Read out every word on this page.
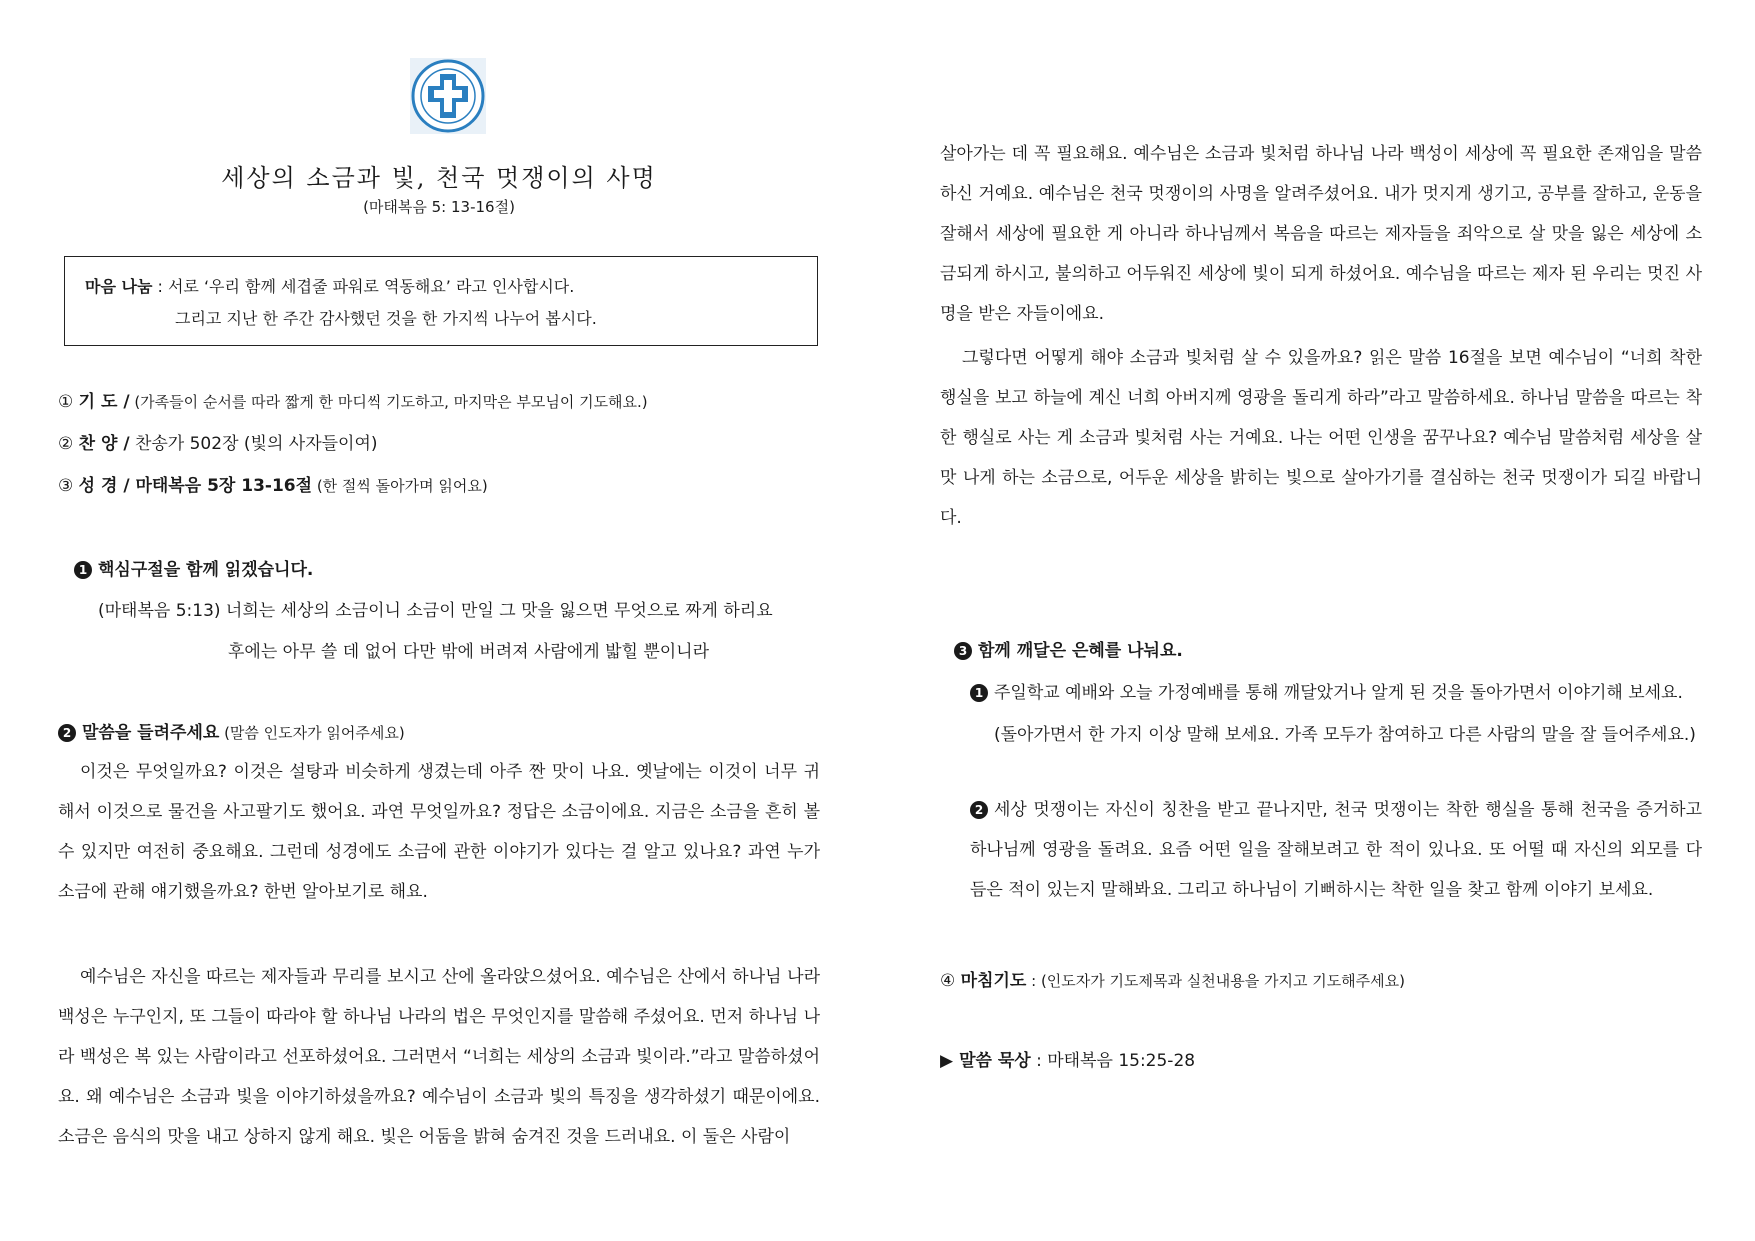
세상의 소금과 빛, 천국 멋쟁이의 사명
(마태복음 5: 13-16절)
마음 나눔 : 서로 ‘우리 함께 세겹줄 파워로 역동해요’ 라고 인사합시다.
그리고 지난 한 주간 감사했던 것을 한 가지씩 나누어 봅시다.
① 기 도 / (가족들이 순서를 따라 짧게 한 마디씩 기도하고, 마지막은 부모님이 기도해요.)
② 찬 양 / 찬송가 502장 (빛의 사자들이여)
③ 성 경 / 마태복음 5장 13-16절 (한 절씩 돌아가며 읽어요)
1 핵심구절을 함께 읽겠습니다.
(마태복음 5:13) 너희는 세상의 소금이니 소금이 만일 그 맛을 잃으면 무엇으로 짜게 하리요
후에는 아무 쓸 데 없어 다만 밖에 버려져 사람에게 밟힐 뿐이니라
2 말씀을 들려주세요 (말씀 인도자가 읽어주세요)

이것은 무엇일까요? 이것은 설탕과 비슷하게 생겼는데 아주 짠 맛이 나요. 옛날에는 이것이 너무 귀해서 이것으로 물건을 사고팔기도 했어요. 과연 무엇일까요? 정답은 소금이에요. 지금은 소금을 흔히 볼 수 있지만 여전히 중요해요. 그런데 성경에도 소금에 관한 이야기가 있다는 걸 알고 있나요? 과연 누가 소금에 관해 얘기했을까요? 한번 알아보기로 해요.

예수님은 자신을 따르는 제자들과 무리를 보시고 산에 올라앉으셨어요. 예수님은 산에서 하나님 나라 백성은 누구인지, 또 그들이 따라야 할 하나님 나라의 법은 무엇인지를 말씀해 주셨어요. 먼저 하나님 나라 백성은 복 있는 사람이라고 선포하셨어요. 그러면서 “너희는 세상의 소금과 빛이라.”라고 말씀하셨어요. 왜 예수님은 소금과 빛을 이야기하셨을까요? 예수님이 소금과 빛의 특징을 생각하셨기 때문이에요. 소금은 음식의 맛을 내고 상하지 않게 해요. 빛은 어둠을 밝혀 숨겨진 것을 드러내요. 이 둘은 사람이

살아가는 데 꼭 필요해요. 예수님은 소금과 빛처럼 하나님 나라 백성이 세상에 꼭 필요한 존재임을 말씀하신 거예요. 예수님은 천국 멋쟁이의 사명을 알려주셨어요. 내가 멋지게 생기고, 공부를 잘하고, 운동을 잘해서 세상에 필요한 게 아니라 하나님께서 복음을 따르는 제자들을 죄악으로 살 맛을 잃은 세상에 소금되게 하시고, 불의하고 어두워진 세상에 빛이 되게 하셨어요. 예수님을 따르는 제자 된 우리는 멋진 사명을 받은 자들이에요.

그렇다면 어떻게 해야 소금과 빛처럼 살 수 있을까요? 읽은 말씀 16절을 보면 예수님이 “너희 착한 행실을 보고 하늘에 계신 너희 아버지께 영광을 돌리게 하라”라고 말씀하세요. 하나님 말씀을 따르는 착한 행실로 사는 게 소금과 빛처럼 사는 거예요. 나는 어떤 인생을 꿈꾸나요? 예수님 말씀처럼 세상을 살맛 나게 하는 소금으로, 어두운 세상을 밝히는 빛으로 살아가기를 결심하는 천국 멋쟁이가 되길 바랍니다.

3 함께 깨달은 은혜를 나눠요.
1 주일학교 예배와 오늘 가정예배를 통해 깨달았거나 알게 된 것을 돌아가면서 이야기해 보세요.
(돌아가면서 한 가지 이상 말해 보세요. 가족 모두가 참여하고 다른 사람의 말을 잘 들어주세요.)

2 세상 멋쟁이는 자신이 칭찬을 받고 끝나지만, 천국 멋쟁이는 착한 행실을 통해 천국을 증거하고 하나님께 영광을 돌려요. 요즘 어떤 일을 잘해보려고 한 적이 있나요. 또 어떨 때 자신의 외모를 다듬은 적이 있는지 말해봐요. 그리고 하나님이 기뻐하시는 착한 일을 찾고 함께 이야기 보세요.

④ 마침기도 : (인도자가 기도제목과 실천내용을 가지고 기도해주세요)
▶ 말씀 묵상 : 마태복음 15:25-28
